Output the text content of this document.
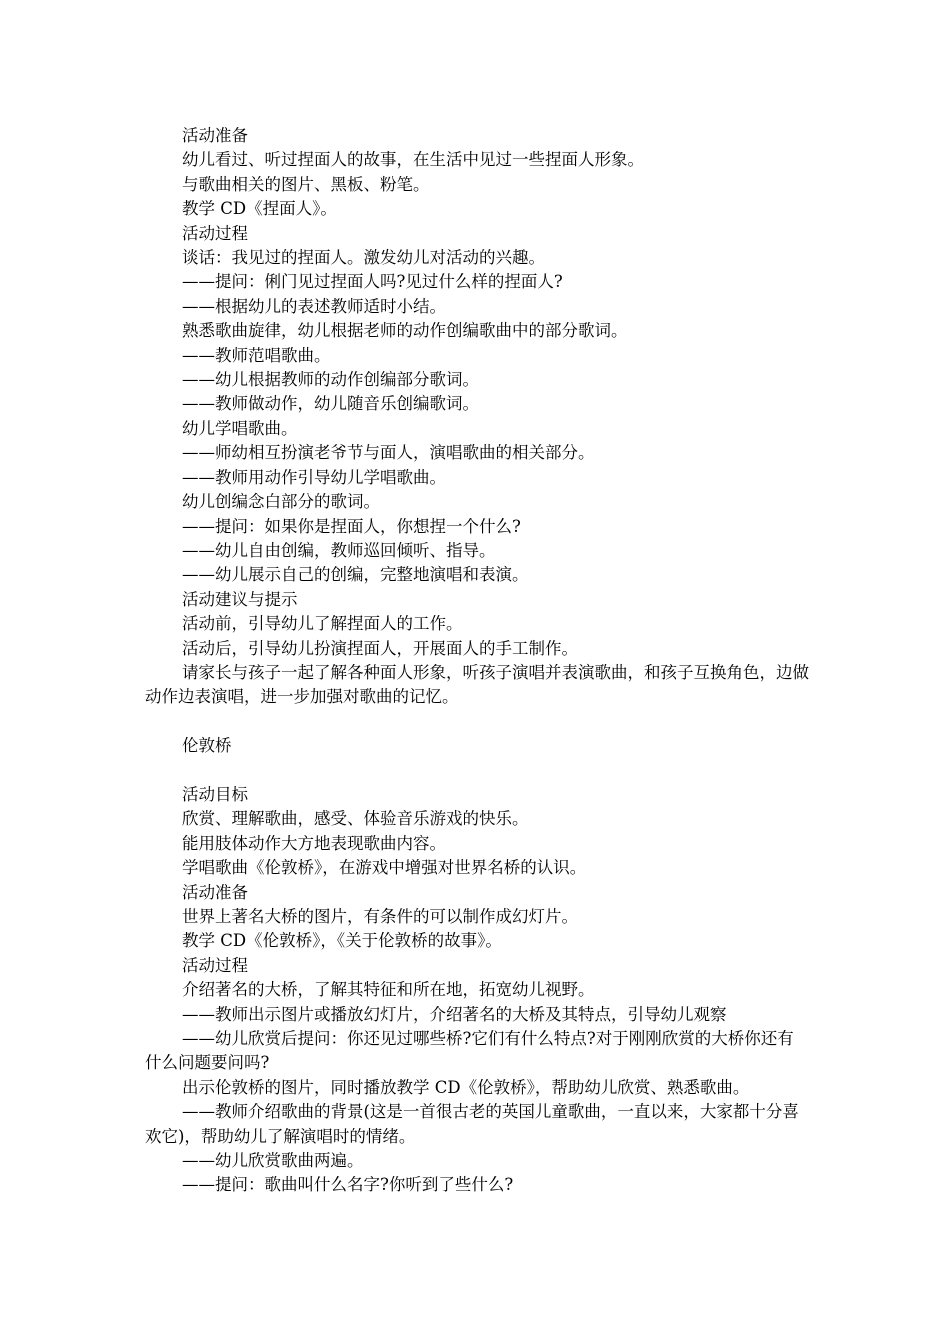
活动准备

幼儿看过、听过捏面人的故事，在生活中见过一些捏面人形象。

与歌曲相关的图片、黑板、粉笔。

教学 CD《捏面人》。

活动过程

谈话：我见过的捏面人。激发幼儿对活动的兴趣。

——提问：俐门见过捏面人吗?见过什么样的捏面人?

——根据幼儿的表述教师适时小结。

熟悉歌曲旋律，幼儿根据老师的动作创编歌曲中的部分歌词。

——教师范唱歌曲。

——幼儿根据教师的动作创编部分歌词。

——教师做动作，幼儿随音乐创编歌词。

幼儿学唱歌曲。

——师幼相互扮演老爷节与面人，演唱歌曲的相关部分。

——教师用动作引导幼儿学唱歌曲。

幼儿创编念白部分的歌词。

——提问：如果你是捏面人，你想捏一个什么?

——幼儿自由创编，教师巡回倾听、指导。

——幼儿展示自己的创编，完整地演唱和表演。

活动建议与提示

活动前，引导幼儿了解捏面人的工作。

活动后，引导幼儿扮演捏面人，开展面人的手工制作。

请家长与孩子一起了解各种面人形象，听孩子演唱并表演歌曲，和孩子互换角色，边做动作边表演唱，进一步加强对歌曲的记忆。

伦敦桥

活动目标

欣赏、理解歌曲，感受、体验音乐游戏的快乐。

能用肢体动作大方地表现歌曲内容。

学唱歌曲《伦敦桥》，在游戏中增强对世界名桥的认识。

活动准备

世界上著名大桥的图片，有条件的可以制作成幻灯片。

教学 CD《伦敦桥》，《关于伦敦桥的故事》。

活动过程

介绍著名的大桥，了解其特征和所在地，拓宽幼儿视野。

——教师出示图片或播放幻灯片，介绍著名的大桥及其特点，引导幼儿观察

——幼儿欣赏后提问：你还见过哪些桥?它们有什么特点?对于刚刚欣赏的大桥你还有什么问题要问吗?

出示伦敦桥的图片，同时播放教学 CD《伦敦桥》，帮助幼儿欣赏、熟悉歌曲。

——教师介绍歌曲的背景(这是一首很古老的英国儿童歌曲，一直以来，大家都十分喜欢它)，帮助幼儿了解演唱时的情绪。

——幼儿欣赏歌曲两遍。

——提问：歌曲叫什么名字?你听到了些什么?
